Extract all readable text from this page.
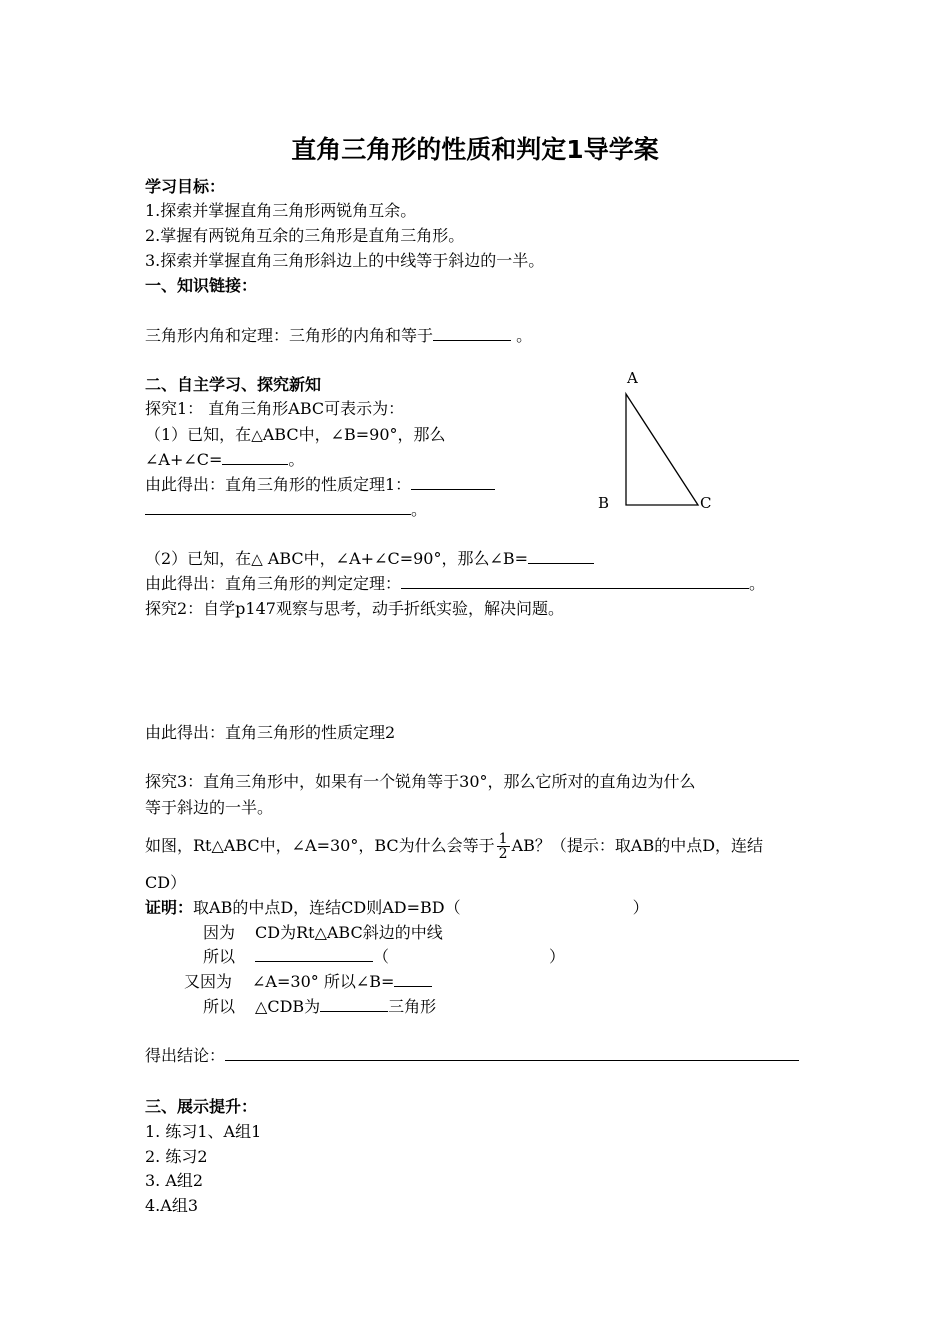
直角三角形的性质和判定1导学案
学习目标：
1.探索并掌握直角三角形两锐角互余。
2.掌握有两锐角互余的三角形是直角三角形。
3.探索并掌握直角三角形斜边上的中线等于斜边的一半。
一、知识链接：
三角形内角和定理：三角形的内角和等于	。
二、自主学习、探究新知
探究1： 直角三角形ABC可表示为：
（1）已知，在△ABC中，∠B=90°，那么
∠A+∠C=	。
由此得出：直角三角形的性质定理1：
。
（2）已知，在△ ABC中，∠A+∠C=90°，那么∠B=
由此得出：直角三角形的判定定理：	。
探究2：自学p147观察与思考，动手折纸实验，解决问题。
由此得出：直角三角形的性质定理2
探究3：直角三角形中，如果有一个锐角等于30°，那么它所对的直角边为什么
等于斜边的一半。
如图，Rt△ABC中，∠A=30°，BC为什么会等于 $\frac{1}{2}$ AB？（提示：取AB的中点D，连结
CD）
证明：取AB的中点D，连结CD则AD=BD（	）
因为 CD为Rt△ABC斜边的中线
所以	（	）
又因为 ∠A=30° 所以∠B=
所以 △CDB为	三角形
得出结论：
三、展示提升：
1. 练习1、A组1
2. 练习2
3. A组2
4.A组3
A
B	C
